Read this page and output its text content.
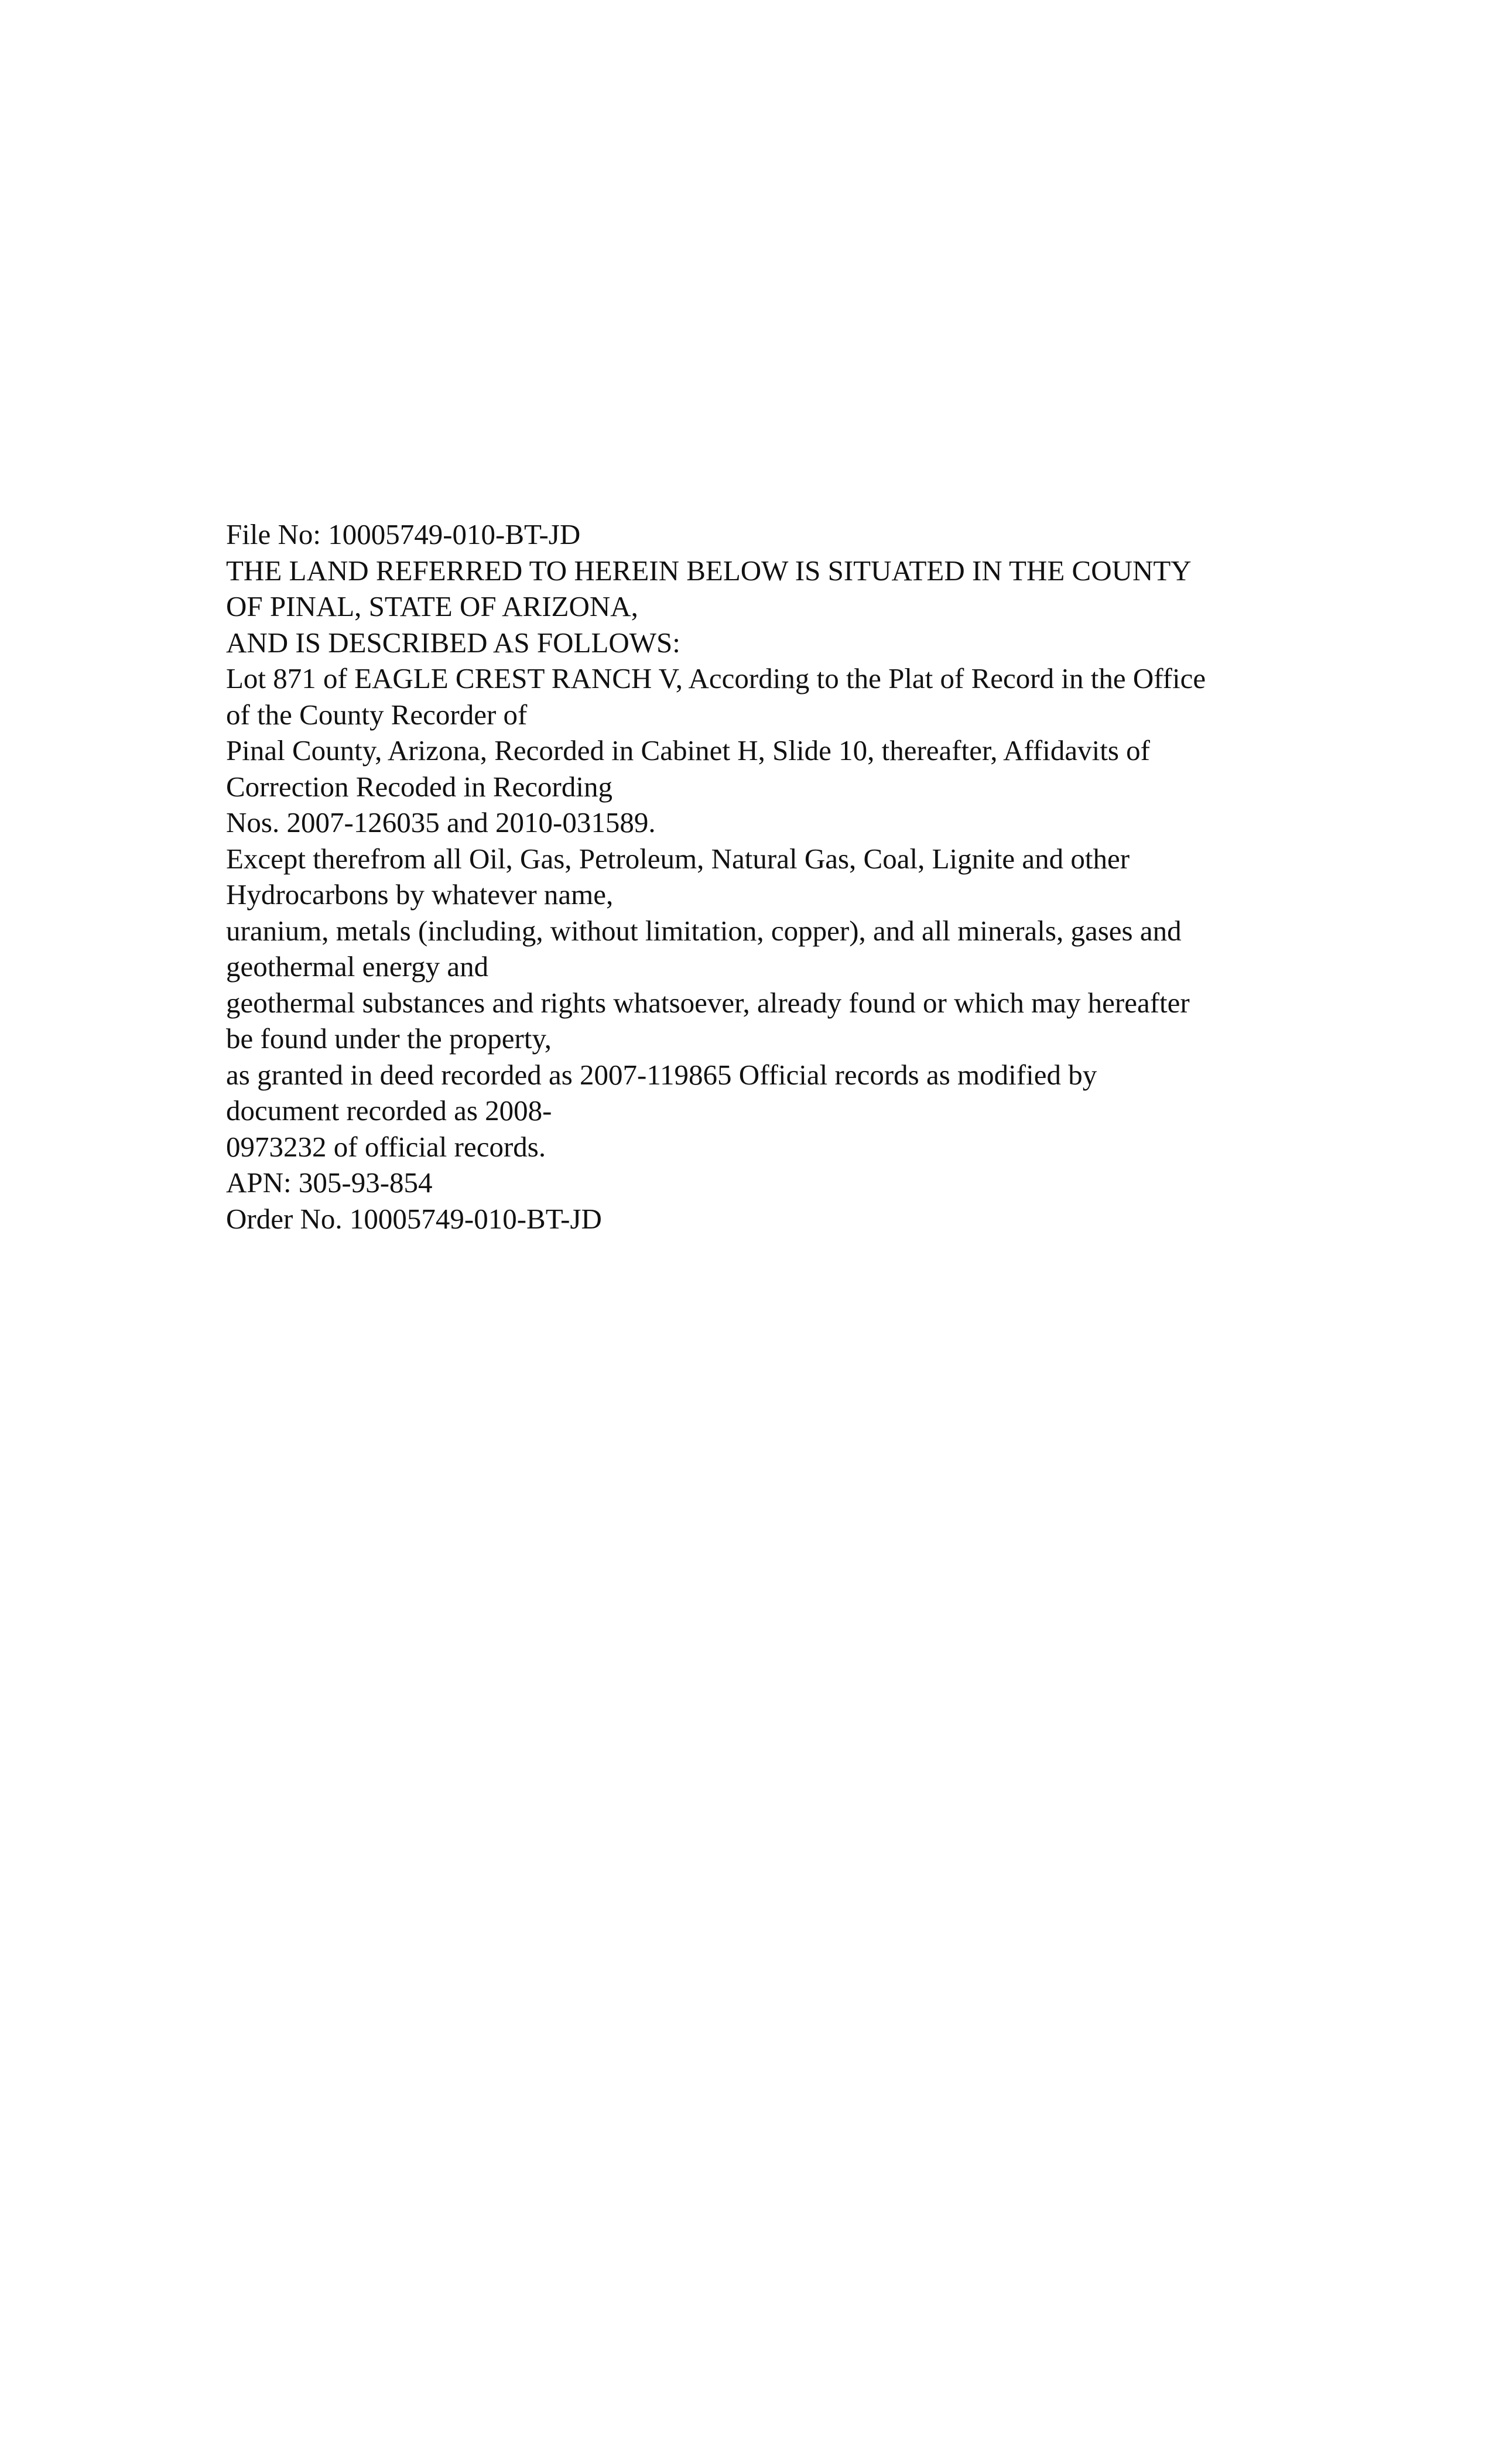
File No: 10005749-010-BT-JD

THE LAND REFERRED TO HEREIN BELOW IS SITUATED IN THE COUNTY
OF PINAL, STATE OF ARIZONA,
AND IS DESCRIBED AS FOLLOWS:

Lot 871 of EAGLE CREST RANCH V, According to the Plat of Record in the Office
of the County Recorder of
Pinal County, Arizona, Recorded in Cabinet H, Slide 10, thereafter, Affidavits of
Correction Recoded in Recording
Nos. 2007-126035 and 2010-031589.

Except therefrom all Oil, Gas, Petroleum, Natural Gas, Coal, Lignite and other
Hydrocarbons by whatever name,
uranium, metals (including, without limitation, copper), and all minerals, gases and
geothermal energy and
geothermal substances and rights whatsoever, already found or which may hereafter
be found under the property,
as granted in deed recorded as 2007-119865 Official records as modified by
document recorded as 2008-
0973232 of official records.

APN: 305-93-854

Order No. 10005749-010-BT-JD
